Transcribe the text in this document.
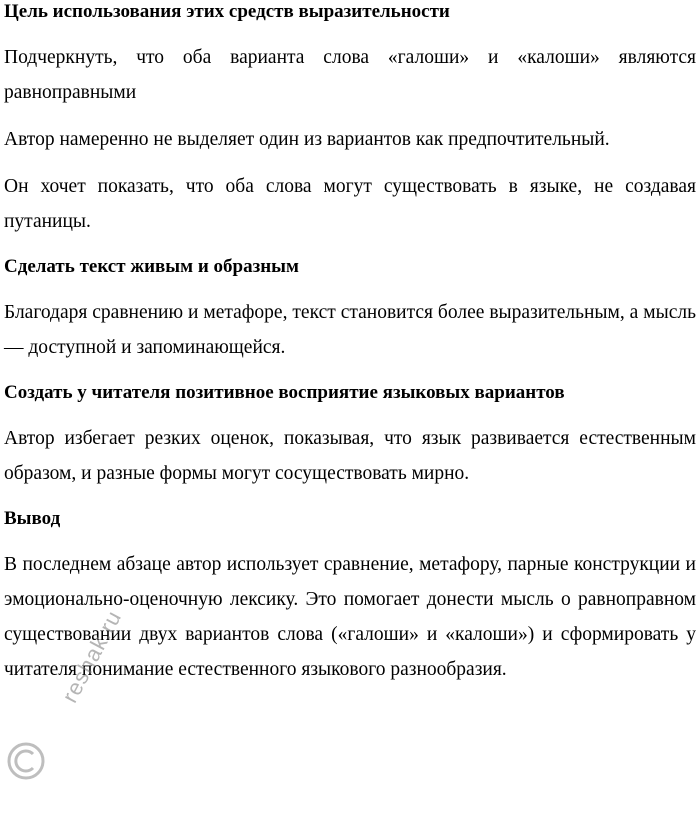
Цель использования этих средств выразительности

Подчеркнуть, что оба варианта слова «галоши» и «калоши» являются равноправными

Автор намеренно не выделяет один из вариантов как предпочтительный.

Он хочет показать, что оба слова могут существовать в языке, не создавая путаницы.

Сделать текст живым и образным

Благодаря сравнению и метафоре, текст становится более выразительным, а мысль — доступной и запоминающейся.

Создать у читателя позитивное восприятие языковых вариантов

Автор избегает резких оценок, показывая, что язык развивается естественным образом, и разные формы могут сосуществовать мирно.

Вывод

В последнем абзаце автор использует сравнение, метафору, парные конструкции и эмоционально-оценочную лексику. Это помогает донести мысль о равноправном существовании двух вариантов слова («галоши» и «калоши») и сформировать у читателя понимание естественного языкового разнообразия.

reshak.ru
